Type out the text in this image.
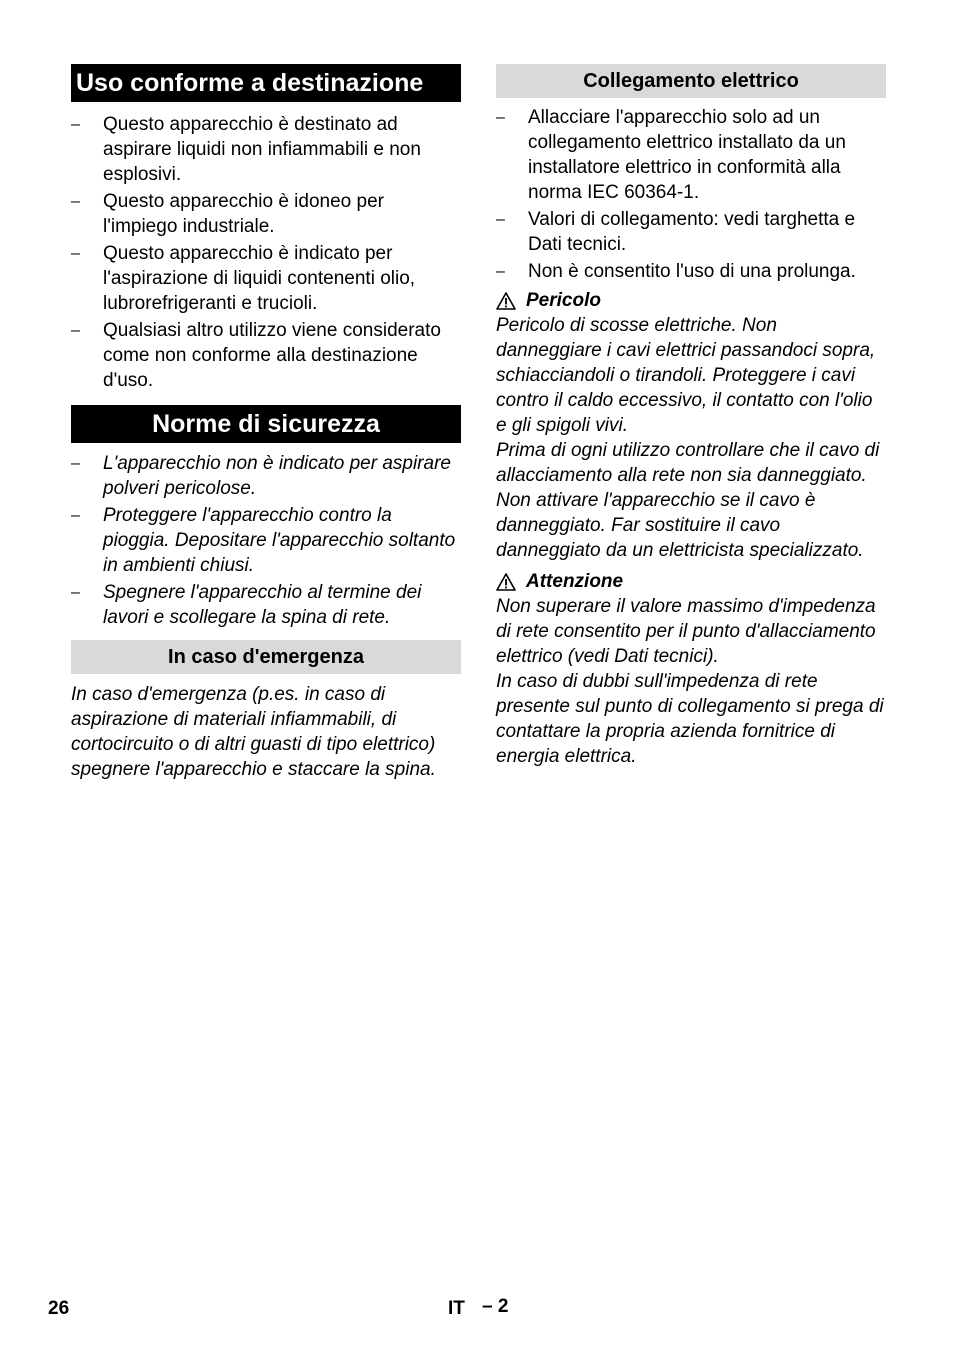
Uso conforme a destinazione
– Questo apparecchio è destinato ad aspirare liquidi non infiammabili e non esplosivi.
– Questo apparecchio è idoneo per l'impiego industriale.
– Questo apparecchio è indicato per l'aspirazione di liquidi contenenti olio, lubrorefrigeranti e trucioli.
– Qualsiasi altro utilizzo viene considerato come non conforme alla destinazione d'uso.
Norme di sicurezza
– L'apparecchio non è indicato per aspirare polveri pericolose.
– Proteggere l'apparecchio contro la pioggia. Depositare l'apparecchio soltanto in ambienti chiusi.
– Spegnere l'apparecchio al termine dei lavori e scollegare la spina di rete.
In caso d'emergenza

In caso d'emergenza (p.es. in caso di aspirazione di materiali infiammabili, di cortocircuito o di altri guasti di tipo elettrico) spegnere l'apparecchio e staccare la spina.

Collegamento elettrico
– Allacciare l'apparecchio solo ad un collegamento elettrico installato da un installatore elettrico in conformità alla norma IEC 60364-1.
– Valori di collegamento: vedi targhetta e Dati tecnici.
– Non è consentito l'uso di una prolunga.

Pericolo

Pericolo di scosse elettriche. Non danneggiare i cavi elettrici passandoci sopra, schiacciandoli o tirandoli. Proteggere i cavi contro il caldo eccessivo, il contatto con l'olio e gli spigoli vivi.

Prima di ogni utilizzo controllare che il cavo di allacciamento alla rete non sia danneggiato. Non attivare l'apparecchio se il cavo è danneggiato. Far sostituire il cavo danneggiato da un elettricista specializzato.

Attenzione

Non superare il valore massimo d'impedenza di rete consentito per il punto d'allacciamento elettrico (vedi Dati tecnici).

In caso di dubbi sull'impedenza di rete presente sul punto di collegamento si prega di contattare la propria azienda fornitrice di energia elettrica.

26	IT – 2
